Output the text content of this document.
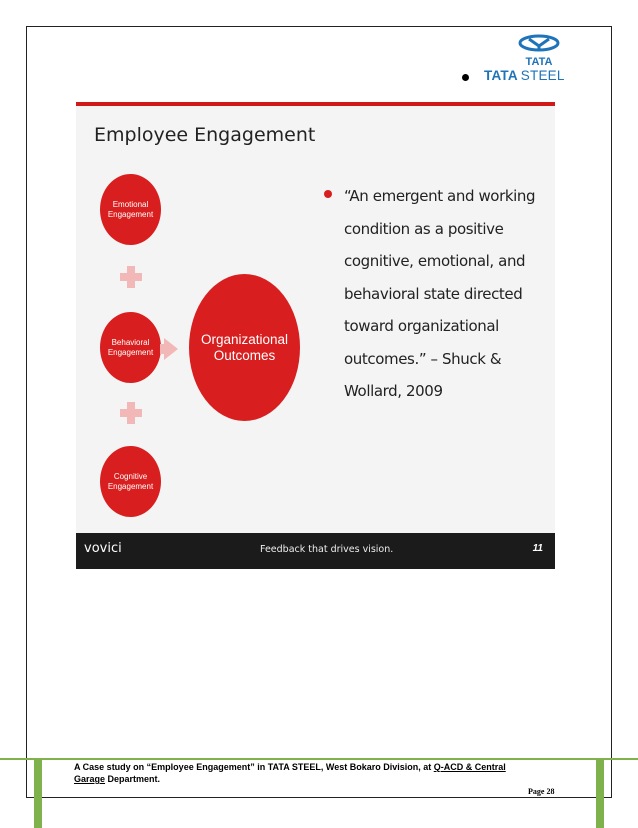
TATA
TATA STEEL
Employee Engagement
Emotional Engagement
Behavioral Engagement
Cognitive Engagement
Organizational Outcomes
“An emergent and working condition as a positive cognitive, emotional, and behavioral state directed toward organizational outcomes.” – Shuck & Wollard, 2009
vovici	Feedback that drives vision.	11
A Case study on “Employee Engagement” in TATA STEEL, West Bokaro Division, at Q-ACD & Central
Garage Department.
Page 28
